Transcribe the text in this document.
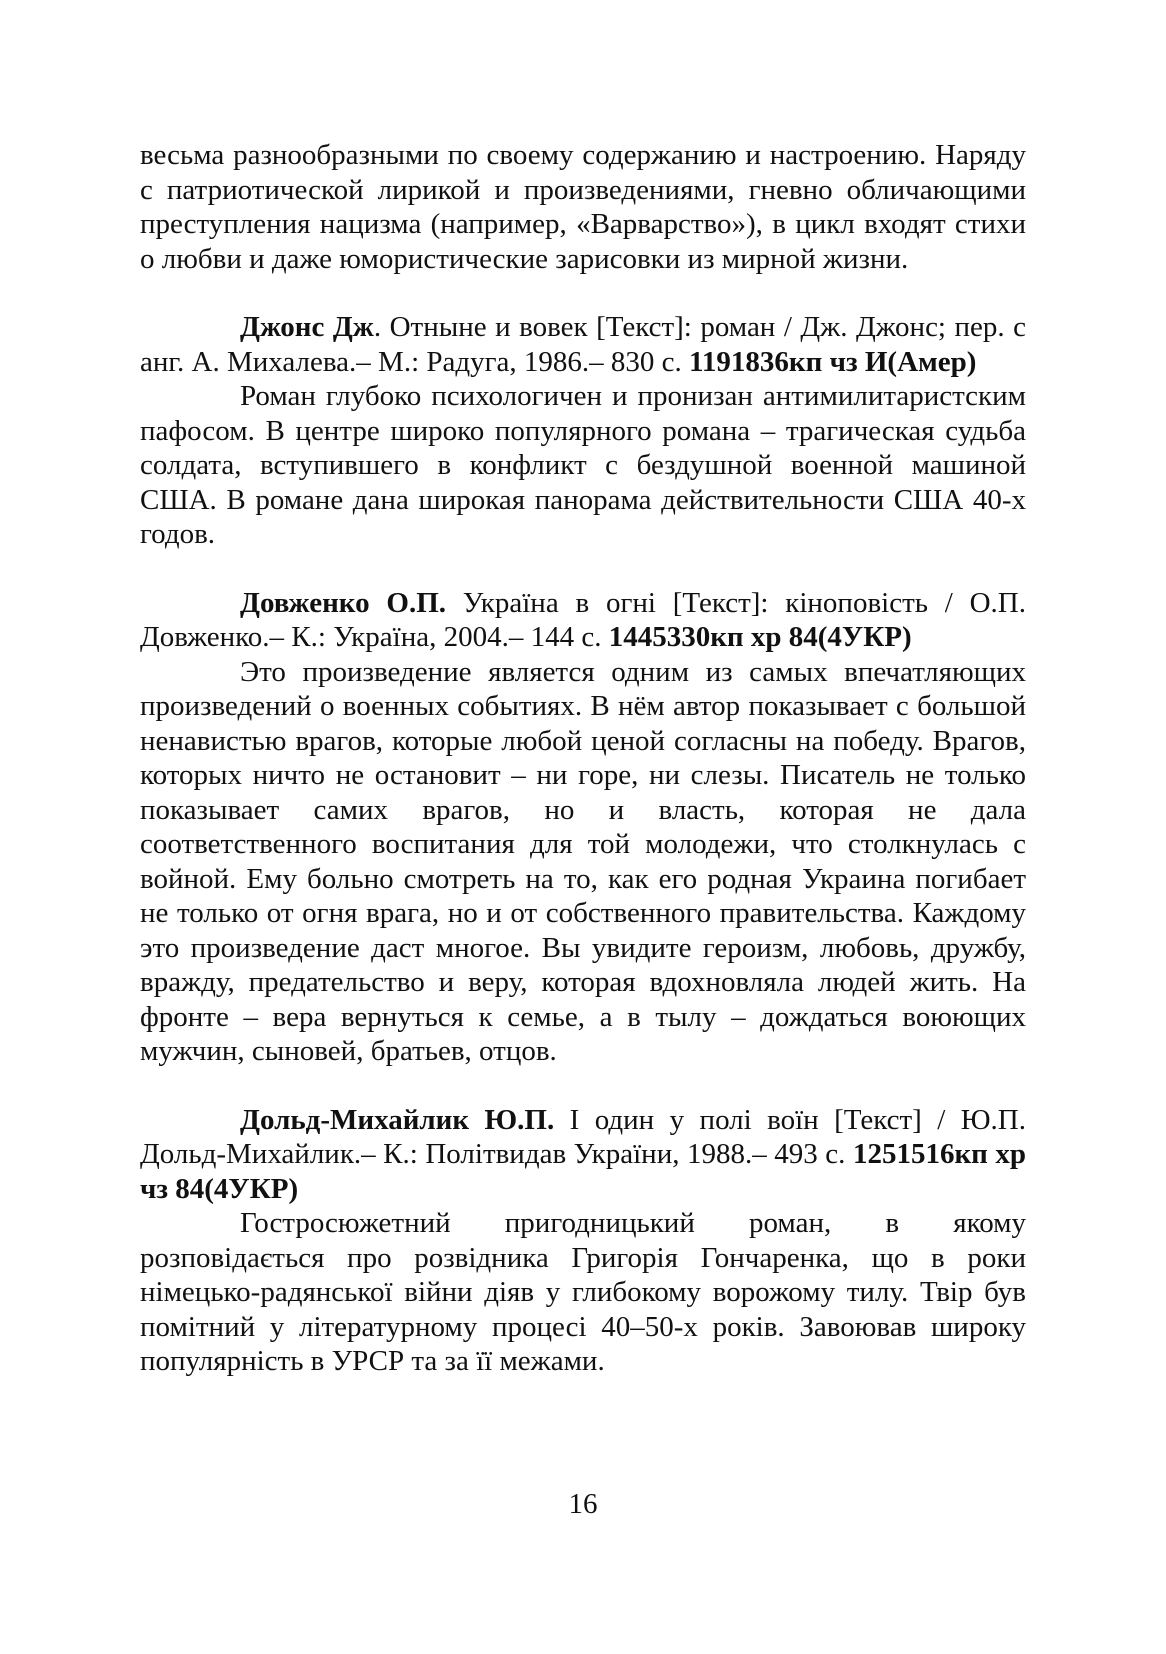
весьма разнообразными по своему содержанию и настроению. Наряду с патриотической лирикой и произведениями, гневно обличающими преступления нацизма (например, «Варварство»), в цикл входят стихи о любви и даже юмористические зарисовки из мирной жизни.

Джонс Дж. Отныне и вовек [Текст]: роман / Дж. Джонс; пер. с анг. А. Михалева.– М.: Радуга, 1986.– 830 с. 1191836кп чз И(Амер)

Роман глубоко психологичен и пронизан антимилитаристским пафосом. В центре широко популярного романа – трагическая судьба солдата, вступившего в конфликт с бездушной военной машиной США. В романе дана широкая панорама действительности США 40-х годов.

Довженко О.П. Україна в огні [Текст]: кіноповість / О.П. Довженко.– К.: Україна, 2004.– 144 с. 1445330кп хр 84(4УКР)

Это произведение является одним из самых впечатляющих произведений о военных событиях. В нём автор показывает с большой ненавистью врагов, которые любой ценой согласны на победу. Врагов, которых ничто не остановит – ни горе, ни слезы. Писатель не только показывает самих врагов, но и власть, которая не дала соответственного воспитания для той молодежи, что столкнулась с войной. Ему больно смотреть на то, как его родная Украина погибает не только от огня врага, но и от собственного правительства. Каждому это произведение даст многое. Вы увидите героизм, любовь, дружбу, вражду, предательство и веру, которая вдохновляла людей жить. На фронте – вера вернуться к семье, а в тылу – дождаться воюющих мужчин, сыновей, братьев, отцов.

Дольд-Михайлик Ю.П. І один у полі воїн [Текст] / Ю.П. Дольд-Михайлик.– К.: Політвидав України, 1988.– 493 с. 1251516кп хр чз 84(4УКР)

Гостросюжетний пригодницький роман, в якому розповідається про розвідника Григорія Гончаренка, що в роки німецько-радянської війни діяв у глибокому ворожому тилу. Твір був помітний у літературному процесі 40–50-х років. Завоював широку популярність в УРСР та за її межами.

16
